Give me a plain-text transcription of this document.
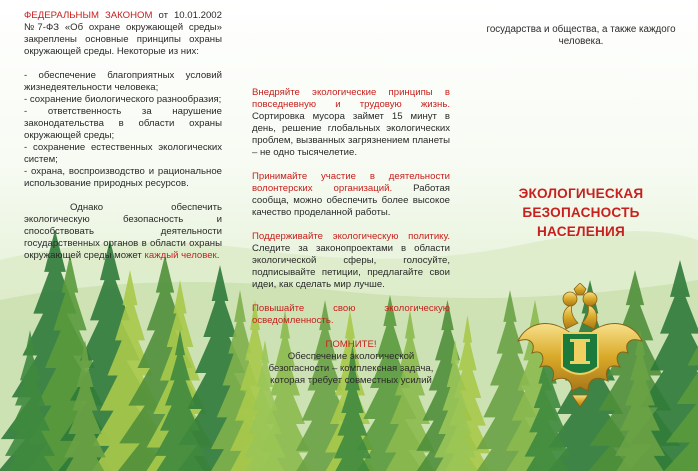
ФЕДЕРАЛЬНЫМ ЗАКОНОМ от 10.01.2002 №7-ФЗ «Об охране окружающей среды» закреплены основные принципы охраны окружающей среды. Некоторые из них:

- обеспечение благоприятных условий жизнедеятельности человека;

- сохранение биологического разнообразия;

- ответственность за нарушение законодательства в области охраны окружающей среды;

- сохранение естественных экологических систем;

- охрана, воспроизводство и рациональное использование природных ресурсов.

Однако обеспечить экологическую безопасность и способствовать деятельности государственных органов в области охраны окружающей среды может каждый человек.

Внедряйте экологические принципы в повседневную и трудовую жизнь. Сортировка мусора займет 15 минут в день, решение глобальных экологических проблем, вызванных загрязнением планеты – не одно тысячелетие.

Принимайте участие в деятельности волонтерских организаций. Работая сообща, можно обеспечить более высокое качество проделанной работы.

Поддерживайте экологическую политику. Следите за законопроектами в области экологической сферы, голосуйте, подписывайте петиции, предлагайте свои идеи, как сделать мир лучше.

Повышайте свою экологическую осведомленность.

ПОМНИТЕ!

Обеспечение экологической безопасности – комплексная задача, которая требует совместных усилий

государства и общества, а также каждого человека.

ЭКОЛОГИЧЕСКАЯ
БЕЗОПАСНОСТЬ
НАСЕЛЕНИЯ
